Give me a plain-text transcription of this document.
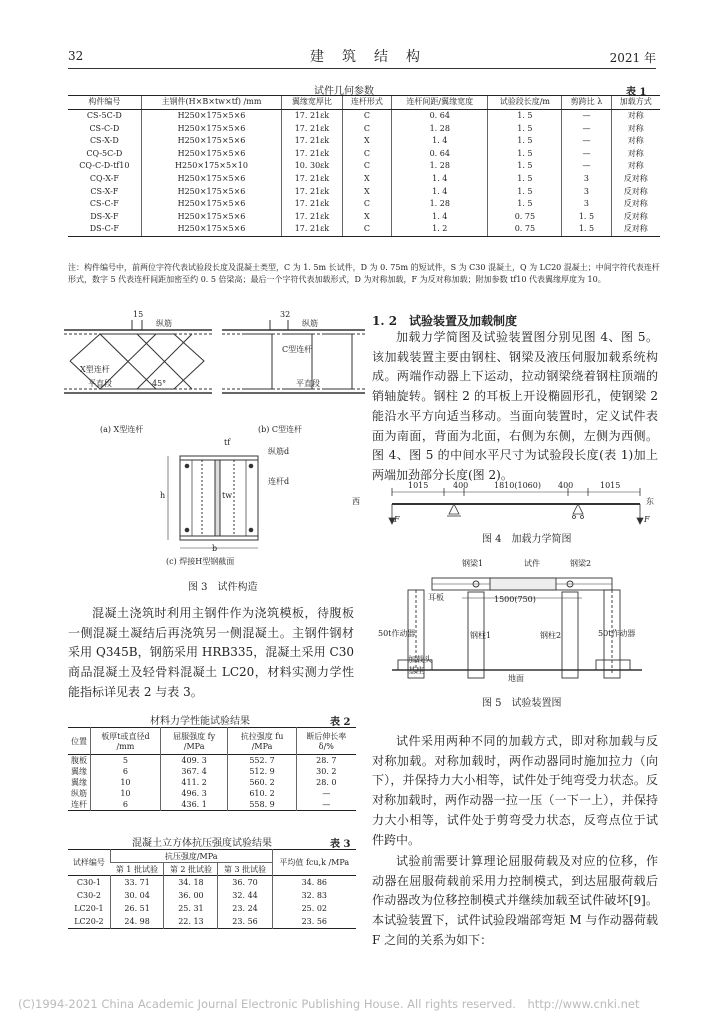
32	建　筑　结　构	2021 年
试件几何参数	表 1
构件编号	主钢件(H×B×tw×tf) /mm	翼缘宽厚比	连杆形式	连杆间距/翼缘宽度	试验段长度/m	剪跨比 λ	加载方式
CS-5C-D	H250×175×5×6	17. 21εk	C	0. 64	1. 5	—	对称
CS-C-D	H250×175×5×6	17. 21εk	C	1. 28	1. 5	—	对称
CS-X-D	H250×175×5×6	17. 21εk	X	1. 4	1. 5	—	对称
CQ-5C-D	H250×175×5×6	17. 21εk	C	0. 64	1. 5	—	对称
CQ-C-D-tf10	H250×175×5×10	10. 30εk	C	1. 28	1. 5	—	对称
CQ-X-F	H250×175×5×6	17. 21εk	X	1. 4	1. 5	3	反对称
CS-X-F	H250×175×5×6	17. 21εk	X	1. 4	1. 5	3	反对称
CS-C-F	H250×175×5×6	17. 21εk	C	1. 28	1. 5	3	反对称
DS-X-F	H250×175×5×6	17. 21εk	X	1. 4	0. 75	1. 5	反对称
DS-C-F	H250×175×5×6	17. 21εk	C	1. 2	0. 75	1. 5	反对称
注：构件编号中，前两位字符代表试验段长度及混凝土类型，C 为 1. 5m 长试件，D 为 0. 75m 的短试件，S 为 C30 混凝土，Q 为 LC20 混凝土；中间字符代表连杆形式，数字 5 代表连杆间距加密至约 0. 5 倍梁高；最后一个字符代表加载形式，D 为对称加载，F 为反对称加载；附加参数 tf10 代表翼缘厚度为 10。
15
纵筋
X型连杆
平直段	45°
32
纵筋
C型连杆
平直段
(a) X型连杆	(b) C型连杆
纵筋d
连杆d
tw
h
b
tf
(c) 焊接H型钢截面
图 3　试件构造
混凝土浇筑时利用主钢件作为浇筑模板，待腹板一侧混凝土凝结后再浇筑另一侧混凝土。主钢件钢材采用 Q345B，钢筋采用 HRB335，混凝土采用 C30 商品混凝土及轻骨料混凝土 LC20，材料实测力学性能指标详见表 2 与表 3。
材料力学性能试验结果	表 2
位置	板厚t或直径d /mm	屈服强度 fy /MPa	抗拉强度 fu /MPa	断后伸长率 δ/%
腹板	5	409. 3	552. 7	28. 7
翼缘	6	367. 4	512. 9	30. 2
翼缘	10	411. 2	560. 2	28. 0
纵筋	10	496. 3	610. 2	—
连杆	6	436. 1	558. 9	—
混凝土立方体抗压强度试验结果	表 3
试样编号	抗压强度/MPa			平均值 fcu,k /MPa
	第 1 批试验	第 2 批试验	第 3 批试验	
C30-1	33. 71	34. 18	36. 70	34. 86
C30-2	30. 04	36. 00	32. 44	32. 83
LC20-1	26. 51	25. 31	23. 24	25. 02
LC20-2	24. 98	22. 13	23. 56	23. 56
1. 2　试验装置及加载制度
加载力学简图及试验装置图分别见图 4、图 5。该加载装置主要由钢柱、钢梁及液压伺服加载系统构成。两端作动器上下运动，拉动钢梁绕着钢柱顶端的销轴旋转。钢柱 2 的耳板上开设椭圆形孔，使钢梁 2 能沿水平方向适当移动。当面向装置时，定义试件表面为南面，背面为北面，右侧为东侧，左侧为西侧。图 4、图 5 的中间水平尺寸为试验段长度(表 1)加上两端加劲部分长度(图 2)。
西	东
1015	400	1810(1060) 400	1015
F	F
图 4　加载力学简图
钢梁1	试件	钢梁2
耳板	1500(750)
50t作动器	钢柱1	钢柱2	50t作动器
加载头
基座
地面
图 5　试验装置图
试件采用两种不同的加载方式，即对称加载与反对称加载。对称加载时，两作动器同时施加拉力（向下），并保持力大小相等，试件处于纯弯受力状态。反对称加载时，两作动器一拉一压（一下一上），并保持力大小相等，试件处于剪弯受力状态，反弯点位于试件跨中。
试验前需要计算理论屈服荷载及对应的位移，作动器在屈服荷载前采用力控制模式，到达屈服荷载后作动器改为位移控制模式并继续加载至试件破坏[9]。本试验装置下，试件试验段端部弯矩 M 与作动器荷载 F 之间的关系为如下：
(C)1994-2021 China Academic Journal Electronic Publishing House. All rights reserved.　http://www.cnki.net
